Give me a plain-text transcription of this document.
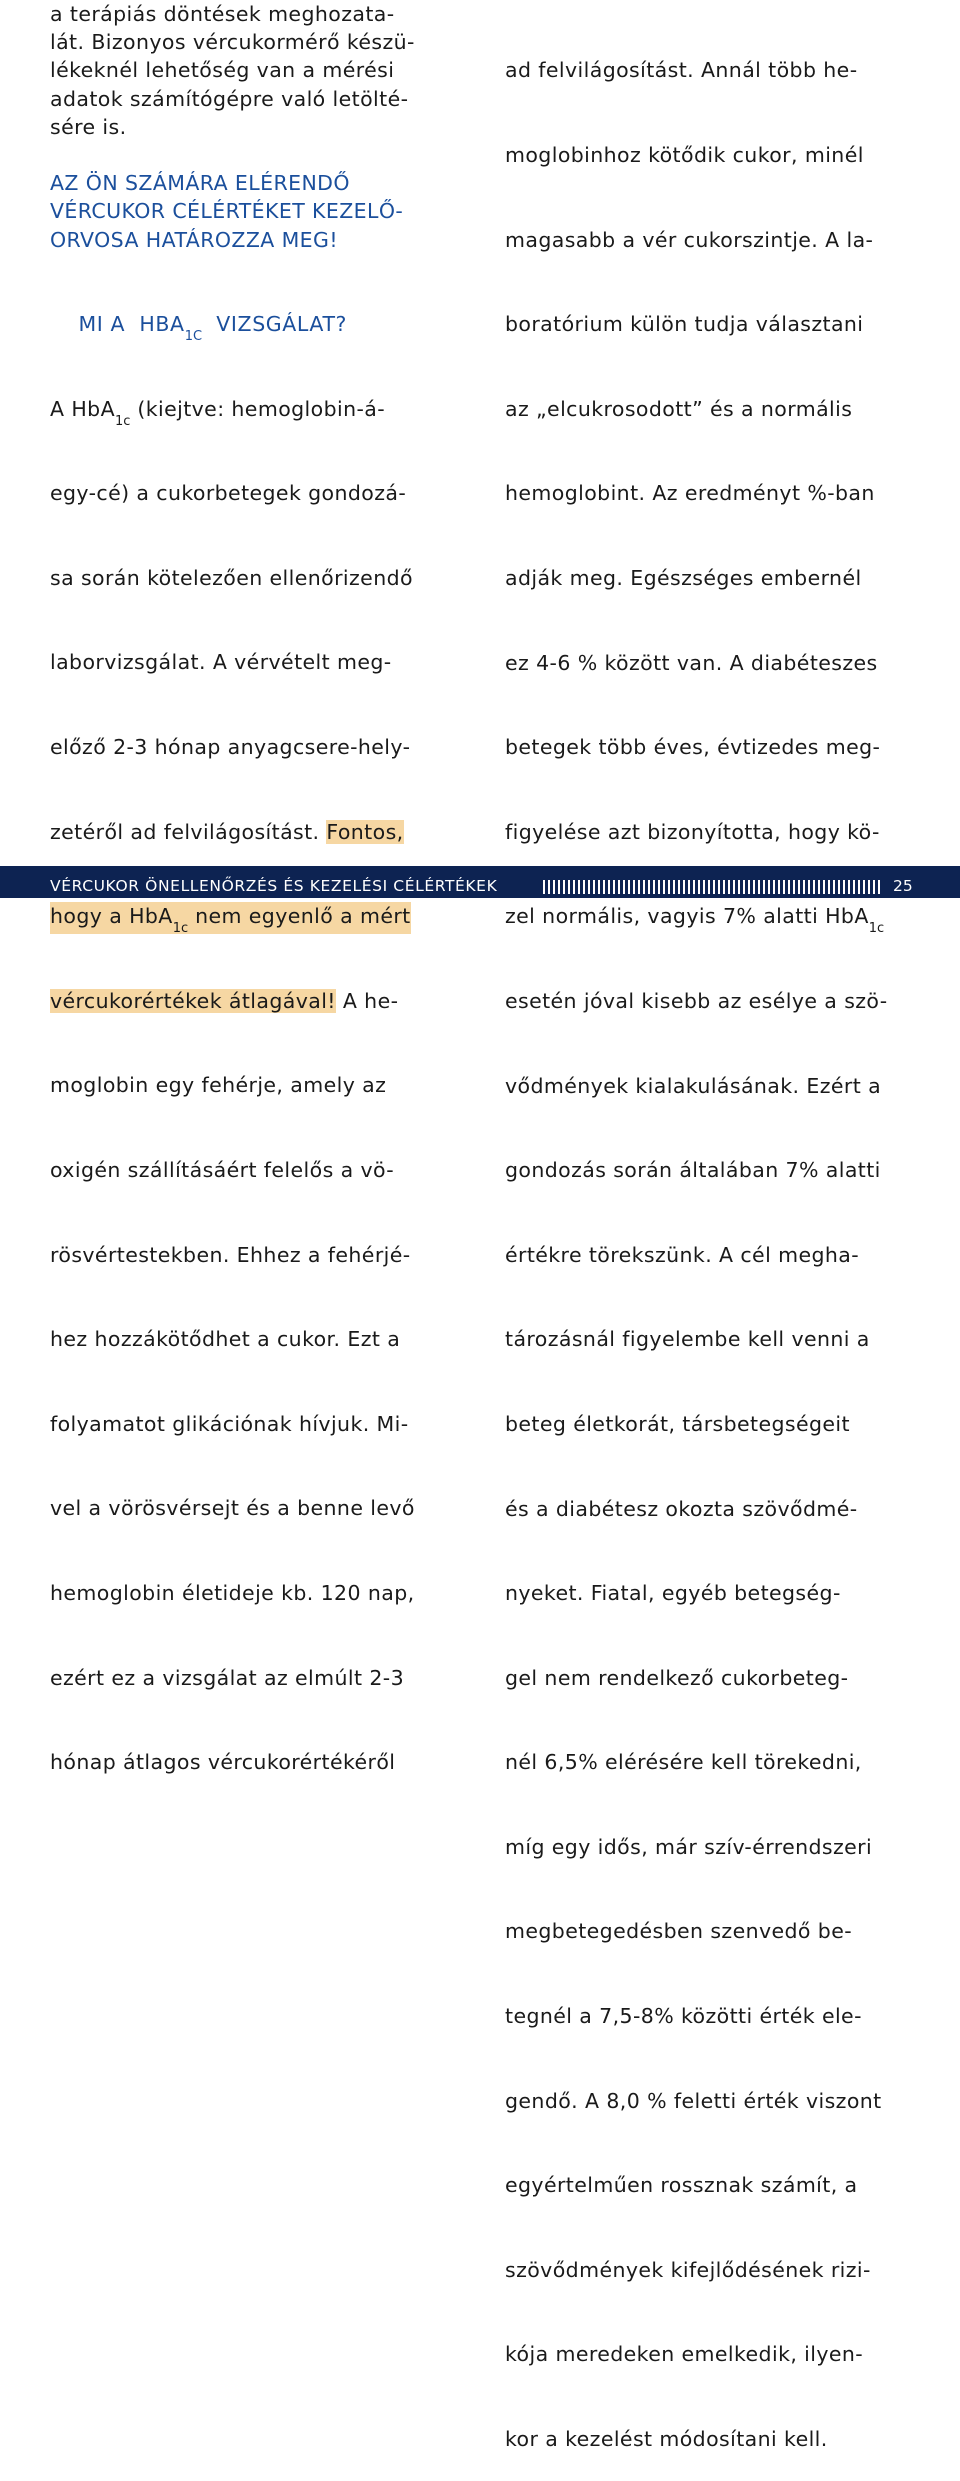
a terápiás döntések meghozata-
lát. Bizonyos vércukormérő készü-
lékeknél lehetőség van a mérési
adatok számítógépre való letölté-
sére is.
AZ ÖN SZÁMÁRA ELÉRENDŐ
VÉRCUKOR CÉLÉRTÉKET KEZELŐ-
ORVOSA HATÁROZZA MEG!

MI A  $HBA_{1C}$  VIZSGÁLAT?

A HbA$_{1c}$ (kiejtve: hemoglobin-á-

egy-cé) a cukorbetegek gondozá-

sa során kötelezően ellenőrizendő

laborvizsgálat. A vérvételt meg-

előző 2-3 hónap anyagcsere-hely-

zetéről ad felvilágosítást. Fontos,

hogy a HbA$_{1c}$ nem egyenlő a mért

vércukorértékek átlagával! A he-

moglobin egy fehérje, amely az

oxigén szállításáért felelős a vö-

rösvértestekben. Ehhez a fehérjé-

hez hozzákötődhet a cukor. Ezt a

folyamatot glikációnak hívjuk. Mi-

vel a vörösvérsejt és a benne levő

hemoglobin életideje kb. 120 nap,

ezért ez a vizsgálat az elmúlt 2-3

hónap átlagos vércukorértékéről

ad felvilágosítást. Annál több he-

moglobinhoz kötődik cukor, minél

magasabb a vér cukorszintje. A la-

boratórium külön tudja választani

az „elcukrosodott” és a normális

hemoglobint. Az eredményt %-ban

adják meg. Egészséges embernél

ez 4-6 % között van. A diabéteszes

betegek több éves, évtizedes meg-

figyelése azt bizonyította, hogy kö-

zel normális, vagyis 7% alatti HbA$_{1c}$

esetén jóval kisebb az esélye a szö-

vődmények kialakulásának. Ezért a

gondozás során általában 7% alatti

értékre törekszünk. A cél megha-

tározásnál figyelembe kell venni a

beteg életkorát, társbetegségeit

és a diabétesz okozta szövődmé-

nyeket. Fiatal, egyéb betegség-

gel nem rendelkező cukorbeteg-

nél 6,5% elérésére kell törekedni,

míg egy idős, már szív-érrendszeri

megbetegedésben szenvedő be-

tegnél a 7,5-8% közötti érték ele-

gendő. A 8,0 % feletti érték viszont

egyértelműen rossznak számít, a

szövődmények kifejlődésének rizi-

kója meredeken emelkedik, ilyen-

kor a kezelést módosítani kell.

VÉRCUKOR ÖNELLENŐRZÉS ÉS KEZELÉSI CÉLÉRTÉKEK	25
